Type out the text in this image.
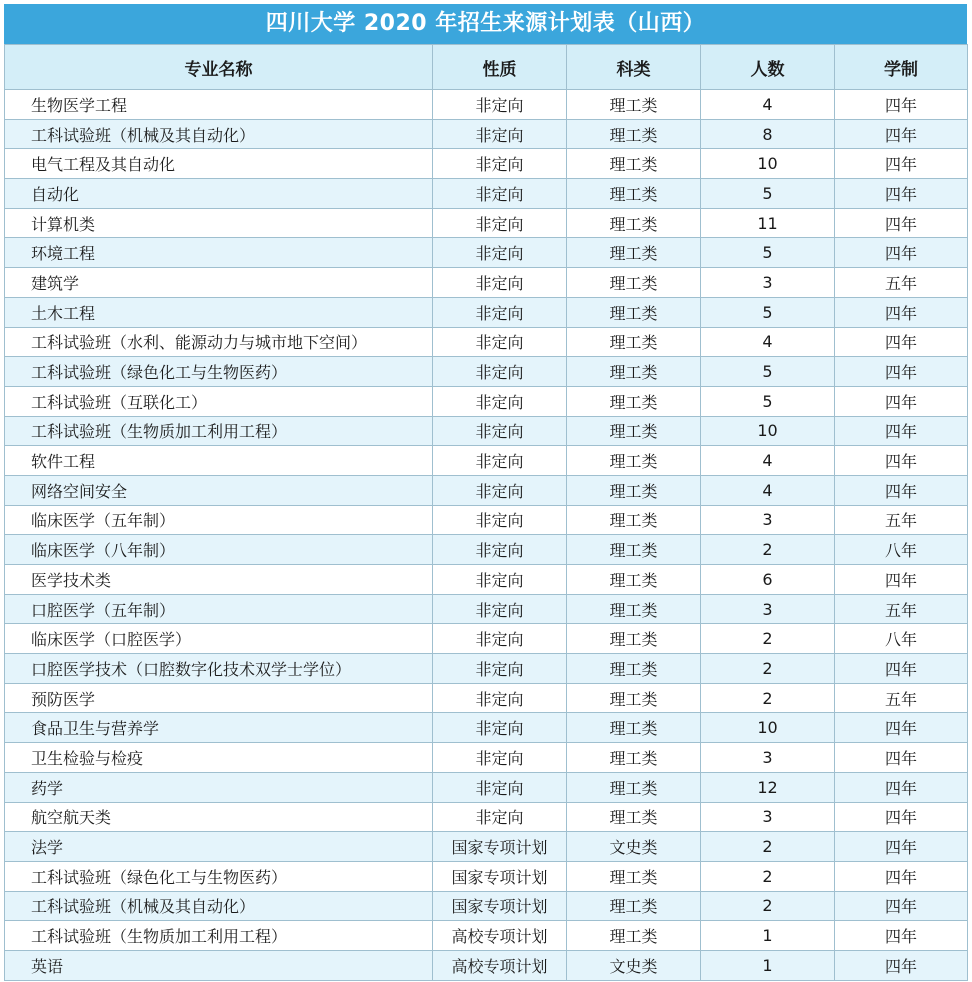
四川大学 2020 年招生来源计划表（山西）
专业名称	性质	科类	人数	学制
生物医学工程	非定向	理工类	4	四年
工科试验班（机械及其自动化）	非定向	理工类	8	四年
电气工程及其自动化	非定向	理工类	10	四年
自动化	非定向	理工类	5	四年
计算机类	非定向	理工类	11	四年
环境工程	非定向	理工类	5	四年
建筑学	非定向	理工类	3	五年
土木工程	非定向	理工类	5	四年
工科试验班（水利、能源动力与城市地下空间）	非定向	理工类	4	四年
工科试验班（绿色化工与生物医药）	非定向	理工类	5	四年
工科试验班（互联化工）	非定向	理工类	5	四年
工科试验班（生物质加工利用工程）	非定向	理工类	10	四年
软件工程	非定向	理工类	4	四年
网络空间安全	非定向	理工类	4	四年
临床医学（五年制）	非定向	理工类	3	五年
临床医学（八年制）	非定向	理工类	2	八年
医学技术类	非定向	理工类	6	四年
口腔医学（五年制）	非定向	理工类	3	五年
临床医学（口腔医学）	非定向	理工类	2	八年
口腔医学技术（口腔数字化技术双学士学位）	非定向	理工类	2	四年
预防医学	非定向	理工类	2	五年
食品卫生与营养学	非定向	理工类	10	四年
卫生检验与检疫	非定向	理工类	3	四年
药学	非定向	理工类	12	四年
航空航天类	非定向	理工类	3	四年
法学	国家专项计划	文史类	2	四年
工科试验班（绿色化工与生物医药）	国家专项计划	理工类	2	四年
工科试验班（机械及其自动化）	国家专项计划	理工类	2	四年
工科试验班（生物质加工利用工程）	高校专项计划	理工类	1	四年
英语	高校专项计划	文史类	1	四年
